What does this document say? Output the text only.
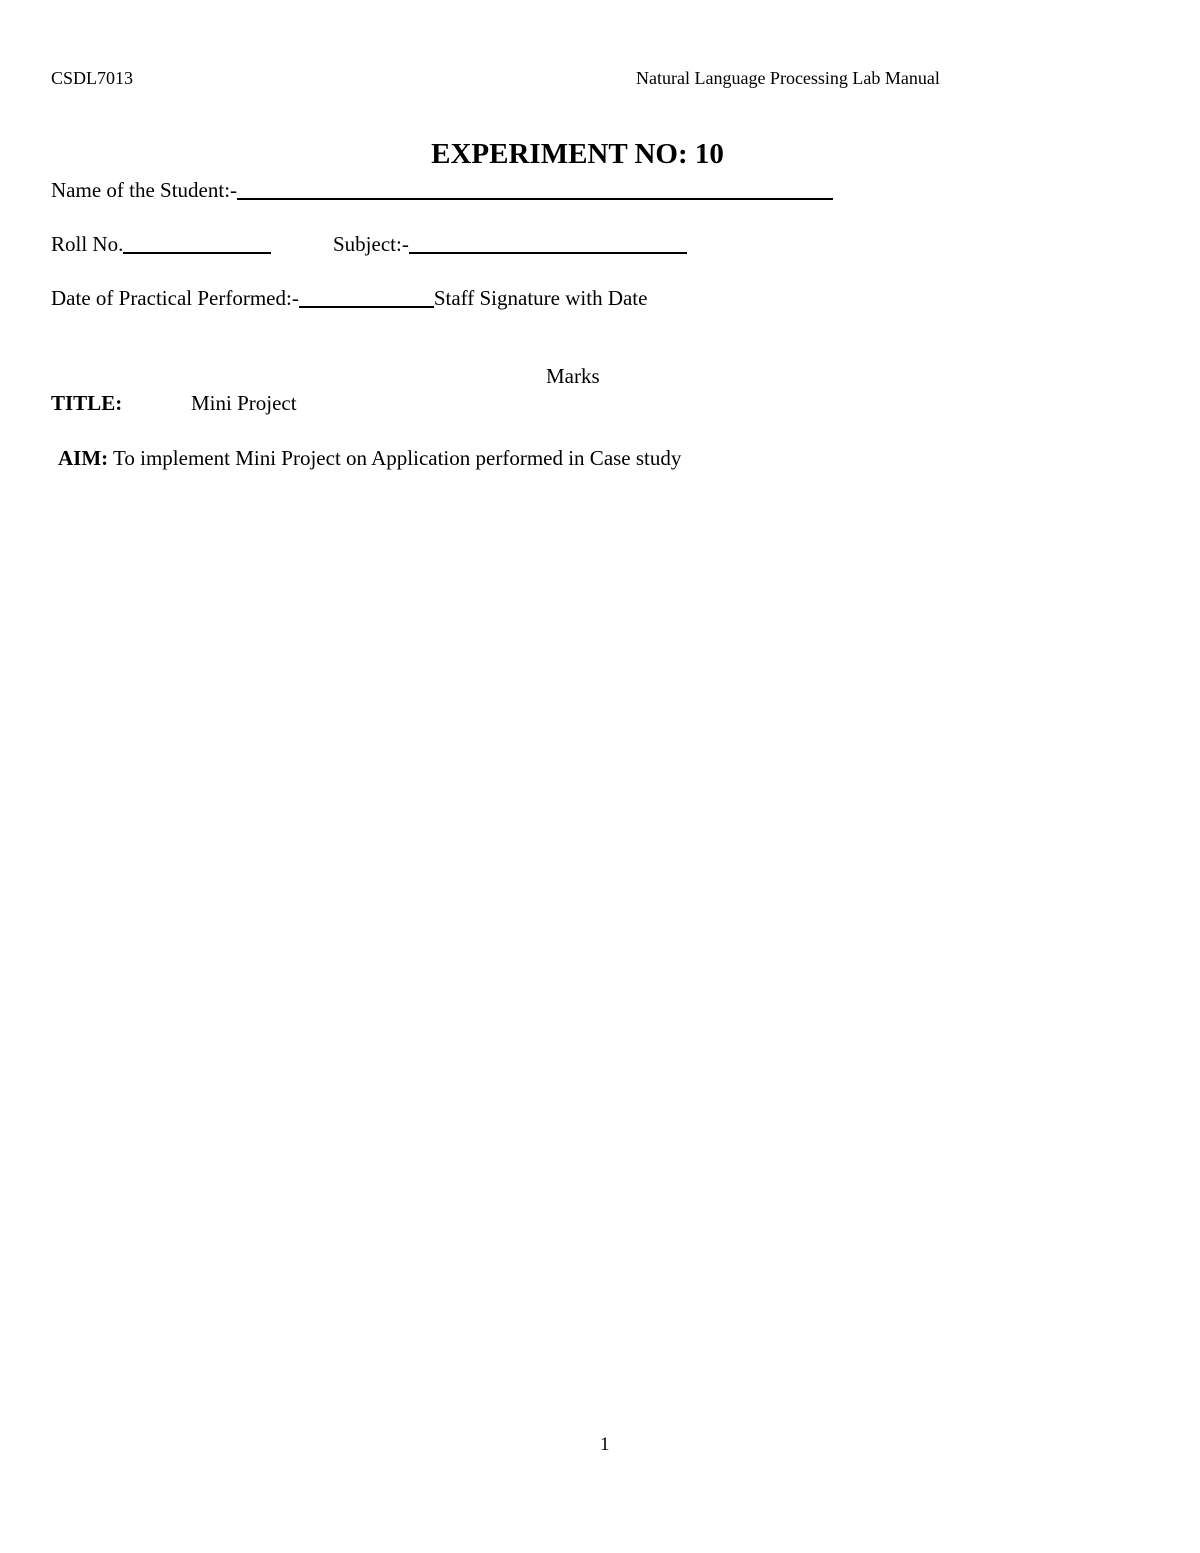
CSDL7013	Natural Language Processing Lab Manual
EXPERIMENT NO: 10
Name of the Student:-
Roll No.	Subject:-
Date of Practical Performed:-	Staff Signature with Date
Marks
TITLE:	Mini Project
AIM: To implement Mini Project on Application performed in Case study
1
